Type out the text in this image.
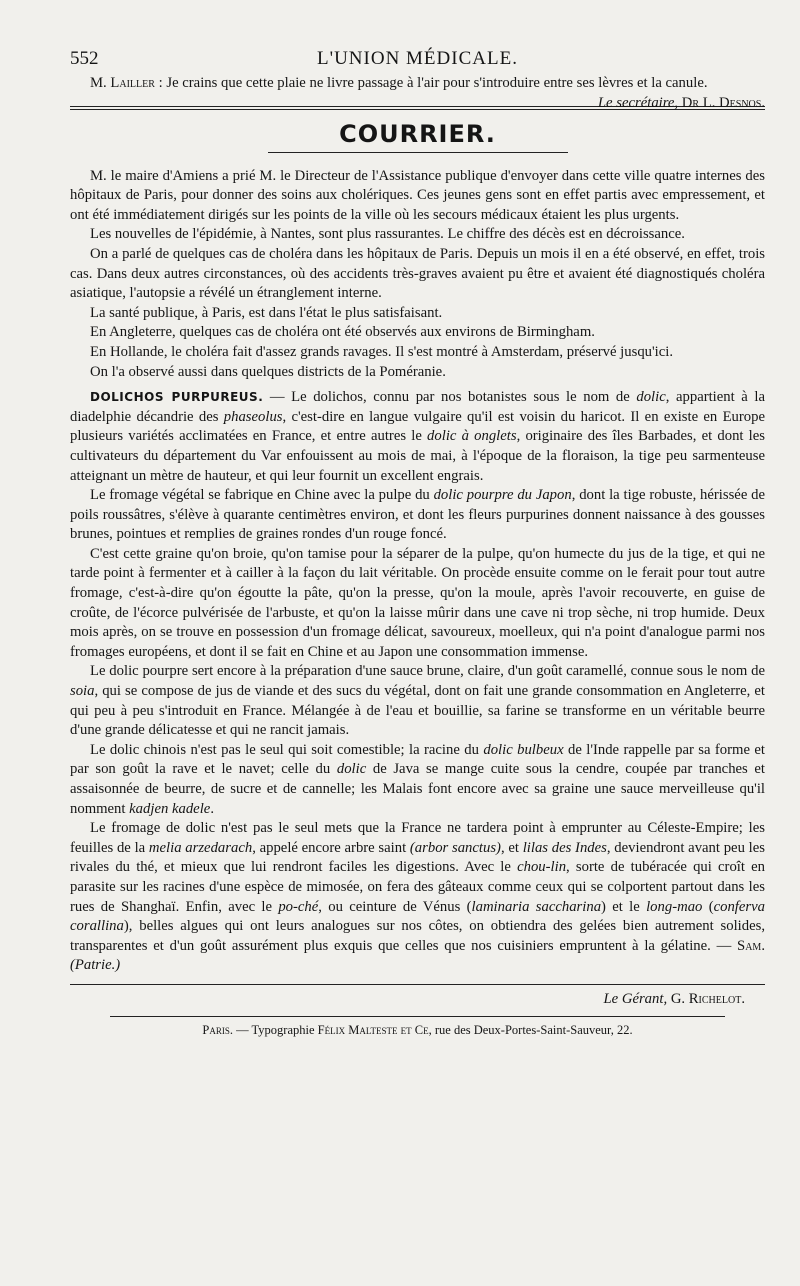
552	L'UNION MÉDICALE.

M. Lailler : Je crains que cette plaie ne livre passage à l'air pour s'introduire entre ses lèvres et la canule.
Le secrétaire, Dr L. Desnos.

COURRIER.

M. le maire d'Amiens a prié M. le Directeur de l'Assistance publique d'envoyer dans cette ville quatre internes des hôpitaux de Paris, pour donner des soins aux cholériques. Ces jeunes gens sont en effet partis avec empressement, et ont été immédiatement dirigés sur les points de la ville où les secours médicaux étaient les plus urgents.

Les nouvelles de l'épidémie, à Nantes, sont plus rassurantes. Le chiffre des décès est en décroissance.

On a parlé de quelques cas de choléra dans les hôpitaux de Paris. Depuis un mois il en a été observé, en effet, trois cas. Dans deux autres circonstances, où des accidents très-graves avaient pu être et avaient été diagnostiqués choléra asiatique, l'autopsie a révélé un étranglement interne.

La santé publique, à Paris, est dans l'état le plus satisfaisant.

En Angleterre, quelques cas de choléra ont été observés aux environs de Birmingham.

En Hollande, le choléra fait d'assez grands ravages. Il s'est montré à Amsterdam, préservé jusqu'ici.

On l'a observé aussi dans quelques districts de la Poméranie.

DOLICHOS PURPUREUS. — Le dolichos, connu par nos botanistes sous le nom de dolic, appartient à la diadelphie décandrie des phaseolus, c'est-dire en langue vulgaire qu'il est voisin du haricot. Il en existe en Europe plusieurs variétés acclimatées en France, et entre autres le dolic à onglets, originaire des îles Barbades, et dont les cultivateurs du département du Var enfouissent au mois de mai, à l'époque de la floraison, la tige peu sarmenteuse atteignant un mètre de hauteur, et qui leur fournit un excellent engrais.

Le fromage végétal se fabrique en Chine avec la pulpe du dolic pourpre du Japon, dont la tige robuste, hérissée de poils roussâtres, s'élève à quarante centimètres environ, et dont les fleurs purpurines donnent naissance à des gousses brunes, pointues et remplies de graines rondes d'un rouge foncé.

C'est cette graine qu'on broie, qu'on tamise pour la séparer de la pulpe, qu'on humecte du jus de la tige, et qui ne tarde point à fermenter et à cailler à la façon du lait véritable. On procède ensuite comme on le ferait pour tout autre fromage, c'est-à-dire qu'on égoutte la pâte, qu'on la presse, qu'on la moule, après l'avoir recouverte, en guise de croûte, de l'écorce pulvérisée de l'arbuste, et qu'on la laisse mûrir dans une cave ni trop sèche, ni trop humide. Deux mois après, on se trouve en possession d'un fromage délicat, savoureux, moelleux, qui n'a point d'analogue parmi nos fromages européens, et dont il se fait en Chine et au Japon une consommation immense.

Le dolic pourpre sert encore à la préparation d'une sauce brune, claire, d'un goût caramellé, connue sous le nom de soia, qui se compose de jus de viande et des sucs du végétal, dont on fait une grande consommation en Angleterre, et qui peu à peu s'introduit en France. Mélangée à de l'eau et bouillie, sa farine se transforme en un véritable beurre d'une grande délicatesse et qui ne rancit jamais.

Le dolic chinois n'est pas le seul qui soit comestible; la racine du dolic bulbeux de l'Inde rappelle par sa forme et par son goût la rave et le navet; celle du dolic de Java se mange cuite sous la cendre, coupée par tranches et assaisonnée de beurre, de sucre et de cannelle; les Malais font encore avec sa graine une sauce merveilleuse qu'il nomment kadjen kadele.

Le fromage de dolic n'est pas le seul mets que la France ne tardera point à emprunter au Céleste-Empire; les feuilles de la melia arzedarach, appelé encore arbre saint (arbor sanctus), et lilas des Indes, deviendront avant peu les rivales du thé, et mieux que lui rendront faciles les digestions. Avec le chou-lin, sorte de tubéracée qui croît en parasite sur les racines d'une espèce de mimosée, on fera des gâteaux comme ceux qui se colportent partout dans les rues de Shanghaï. Enfin, avec le po-ché, ou ceinture de Vénus (laminaria saccharina) et le long-mao (conferva corallina), belles algues qui ont leurs analogues sur nos côtes, on obtiendra des gelées bien autrement solides, transparentes et d'un goût assurément plus exquis que celles que nos cuisiniers empruntent à la gélatine. — Sam. (Patrie.)

Le Gérant, G. Richelot.
Paris. — Typographie Félix Malteste et Ce, rue des Deux-Portes-Saint-Sauveur, 22.
